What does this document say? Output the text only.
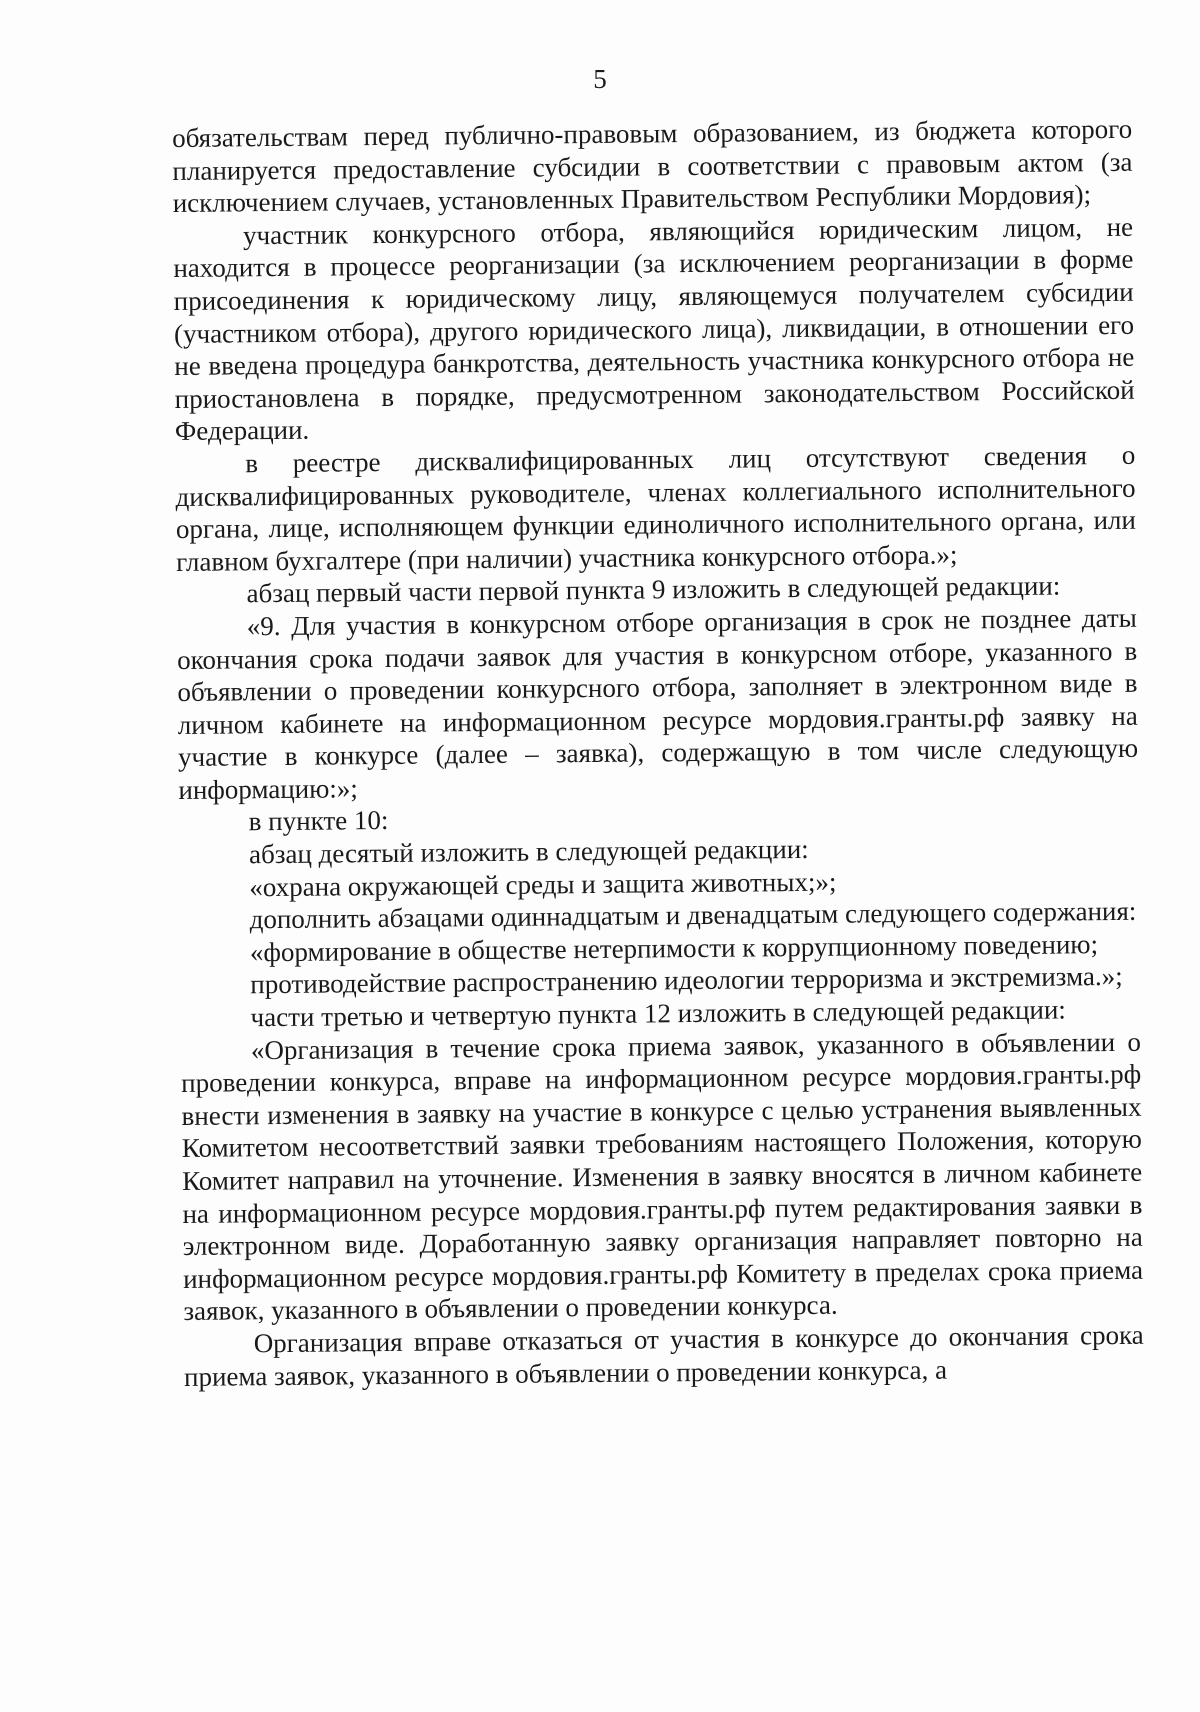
5

обязательствам перед публично-правовым образованием, из бюджета которого планируется предоставление субсидии в соответствии с правовым актом (за исключением случаев, установленных Правительством Республики Мордовия);

участник конкурсного отбора, являющийся юридическим лицом, не находится в процессе реорганизации (за исключением реорганизации в форме присоединения к юридическому лицу, являющемуся получателем субсидии (участником отбора), другого юридического лица), ликвидации, в отношении его не введена процедура банкротства, деятельность участника конкурсного отбора не приостановлена в порядке, предусмотренном законодательством Российской Федерации.

в реестре дисквалифицированных лиц отсутствуют сведения о дисквалифицированных руководителе, членах коллегиального исполнительного органа, лице, исполняющем функции единоличного исполнительного органа, или главном бухгалтере (при наличии) участника конкурсного отбора.»;

абзац первый части первой пункта 9 изложить в следующей редакции:

«9. Для участия в конкурсном отборе организация в срок не позднее даты окончания срока подачи заявок для участия в конкурсном отборе, указанного в объявлении о проведении конкурсного отбора, заполняет в электронном виде в личном кабинете на информационном ресурсе мордовия.гранты.рф заявку на участие в конкурсе (далее – заявка), содержащую в том числе следующую информацию:»;

в пункте 10:

абзац десятый изложить в следующей редакции:

«охрана окружающей среды и защита животных;»;

дополнить абзацами одиннадцатым и двенадцатым следующего содержания:

«формирование в обществе нетерпимости к коррупционному поведению;

противодействие распространению идеологии терроризма и экстремизма.»;

части третью и четвертую пункта 12 изложить в следующей редакции:

«Организация в течение срока приема заявок, указанного в объявлении о проведении конкурса, вправе на информационном ресурсе мордовия.гранты.рф внести изменения в заявку на участие в конкурсе с целью устранения выявленных Комитетом несоответствий заявки требованиям настоящего Положения, которую Комитет направил на уточнение. Изменения в заявку вносятся в личном кабинете на информационном ресурсе мордовия.гранты.рф путем редактирования заявки в электронном виде. Доработанную заявку организация направляет повторно на информационном ресурсе мордовия.гранты.рф Комитету в пределах срока приема заявок, указанного в объявлении о проведении конкурса.

Организация вправе отказаться от участия в конкурсе до окончания срока приема заявок, указанного в объявлении о проведении конкурса, а
